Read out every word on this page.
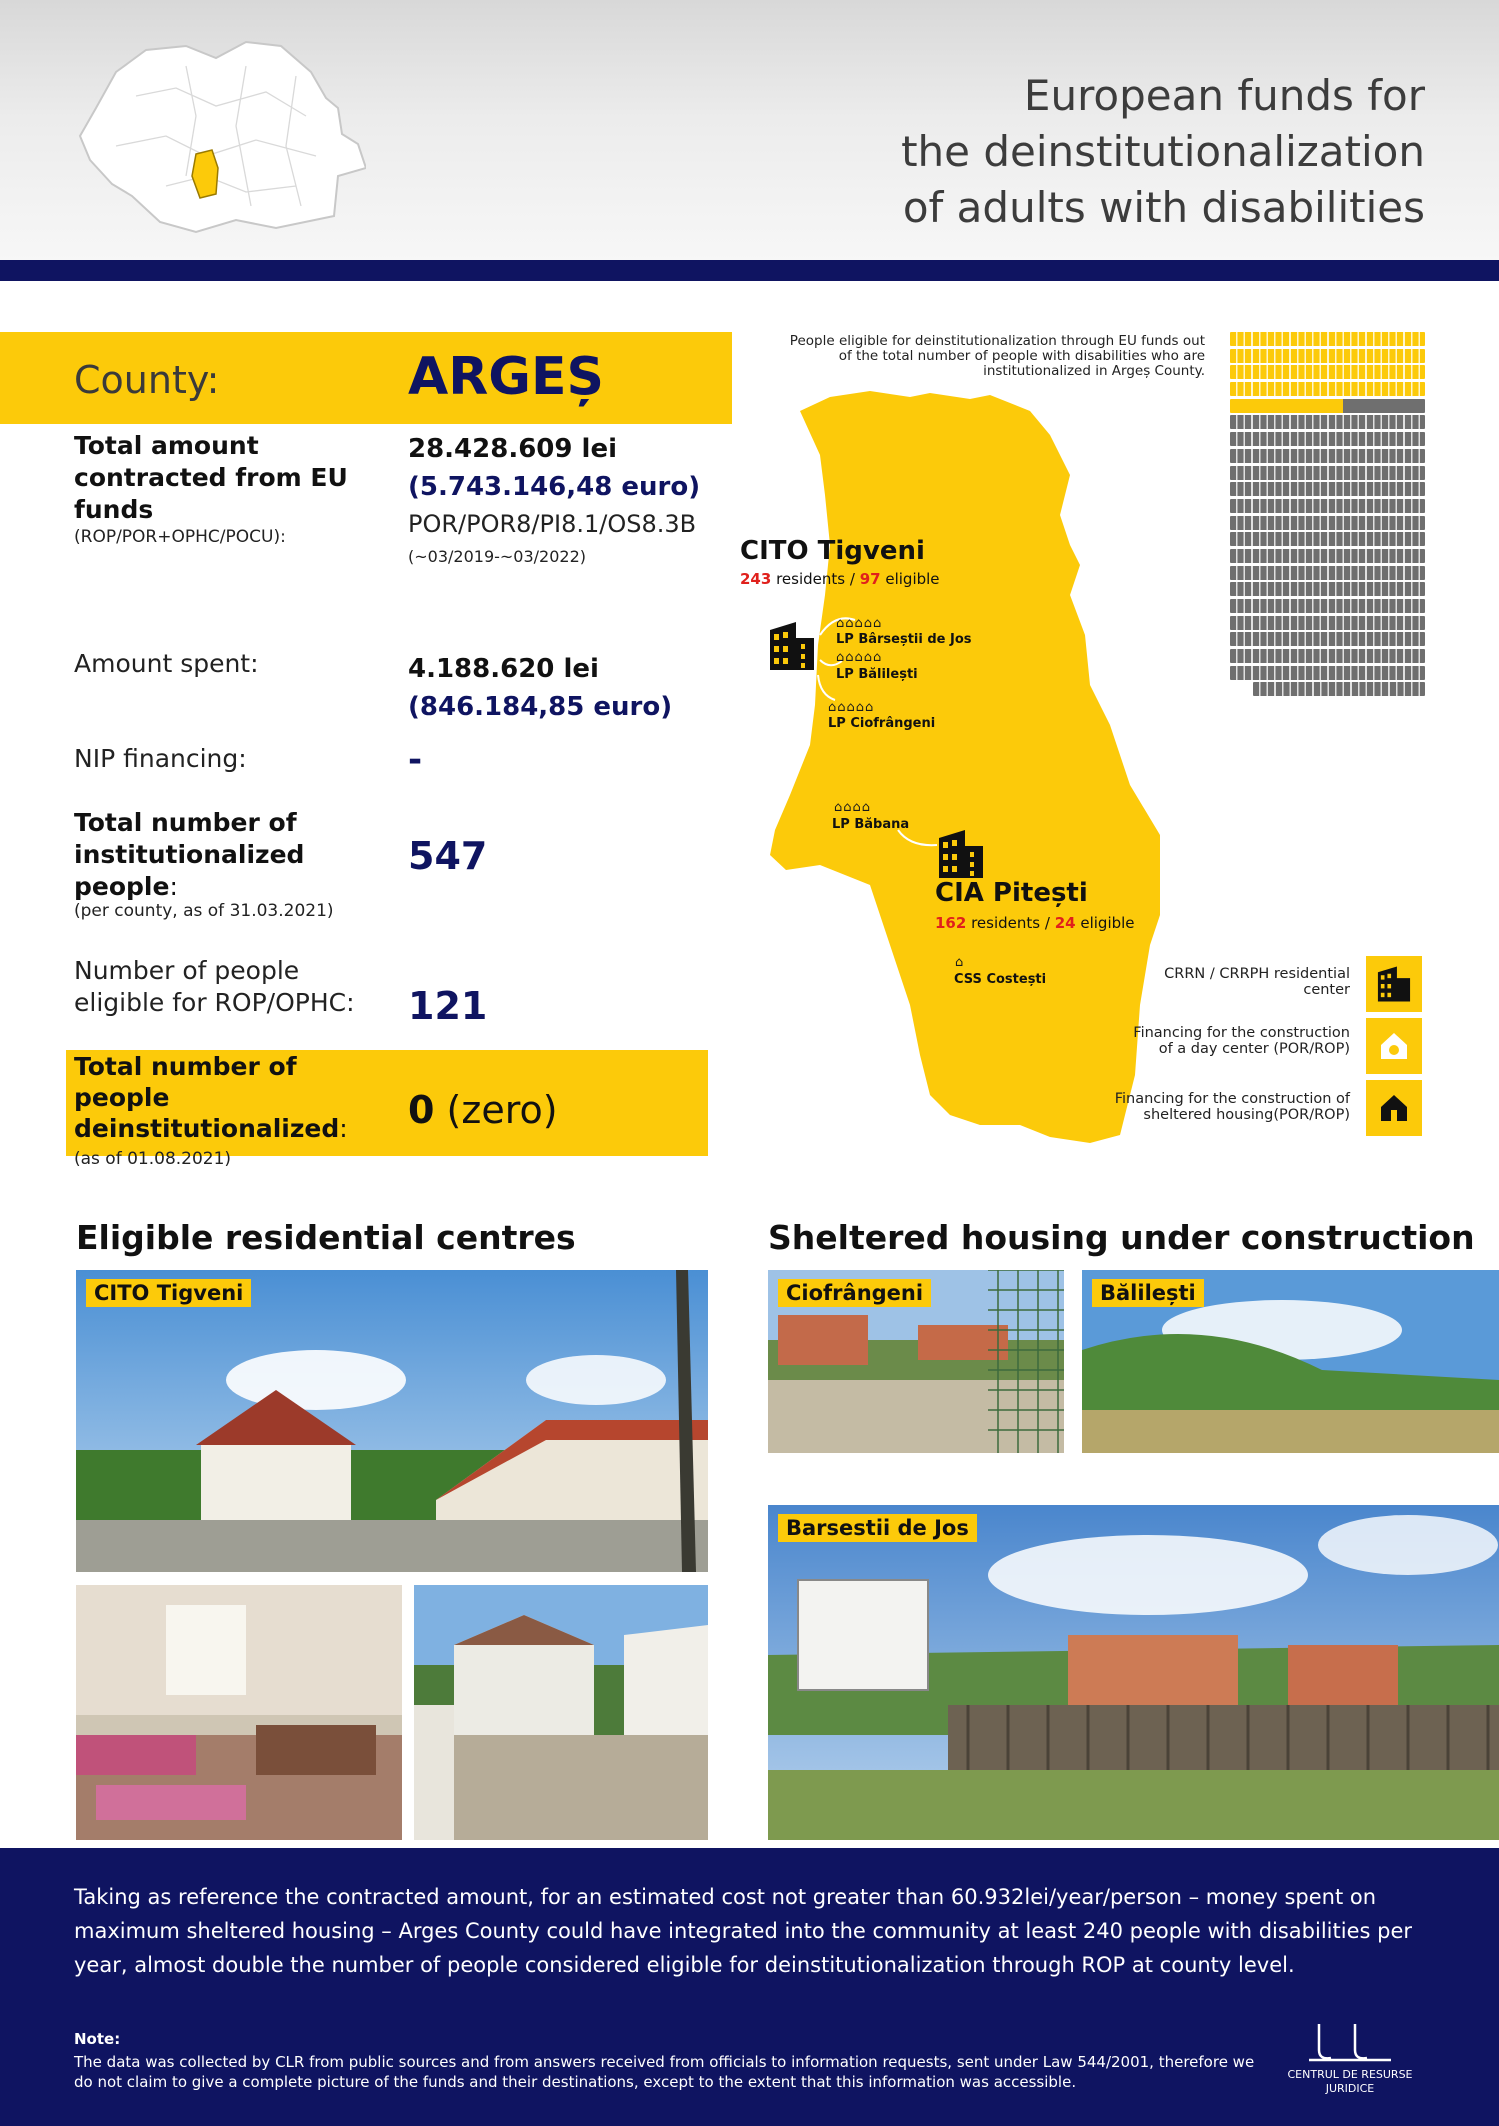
European funds for
the deinstitutionalization
of adults with disabilities
County:	ARGEȘ
Total amount contracted from EU funds
(ROP/POR+OPHC/POCU):
28.428.609 lei
(5.743.146,48 euro)
POR/POR8/PI8.1/OS8.3B
(~03/2019-~03/2022)
Amount spent:	4.188.620 lei
(846.184,85 euro)
NIP financing:	-
Total number of institutionalized people:
(per county, as of 31.03.2021)
547
Number of people eligible for ROP/OPHC: 121
Total number of people deinstitutionalized:
(as of 01.08.2021)
0 (zero)
⌂⌂⌂⌂⌂
⌂⌂⌂⌂⌂
⌂⌂⌂⌂⌂
⌂⌂⌂⌂
⌂
People eligible for deinstitutionalization through EU funds out of the total number of people with disabilities who are institutionalized in Argeș County.
CITO Tigveni
243 residents / 97 eligible
CIA Pitești
162 residents / 24 eligible
LP Bârseștii de Jos
LP Bălilești
LP Ciofrângeni
LP Băbana
CSS Costești	CRRN / CRRPH residential center
Financing for the construction of a day center (POR/ROP)
Financing for the construction of sheltered housing(POR/ROP)
Eligible residential centres	Sheltered housing under construction
CITO Tigveni	Ciofrângeni	Bălilești
Barsestii de Jos
Taking as reference the contracted amount, for an estimated cost not greater than 60.932lei/year/person – money spent on maximum sheltered housing – Arges County could have integrated into the community at least 240 people with disabilities per year, almost double the number of people considered eligible for deinstitutionalization through ROP at county level.
Note:
The data was collected by CLR from public sources and from answers received from officials to information requests, sent under Law 544/2001, therefore we do not claim to give a complete picture of the funds and their destinations, except to the extent that this information was accessible.	CENTRUL DE RESURSE JURIDICE
